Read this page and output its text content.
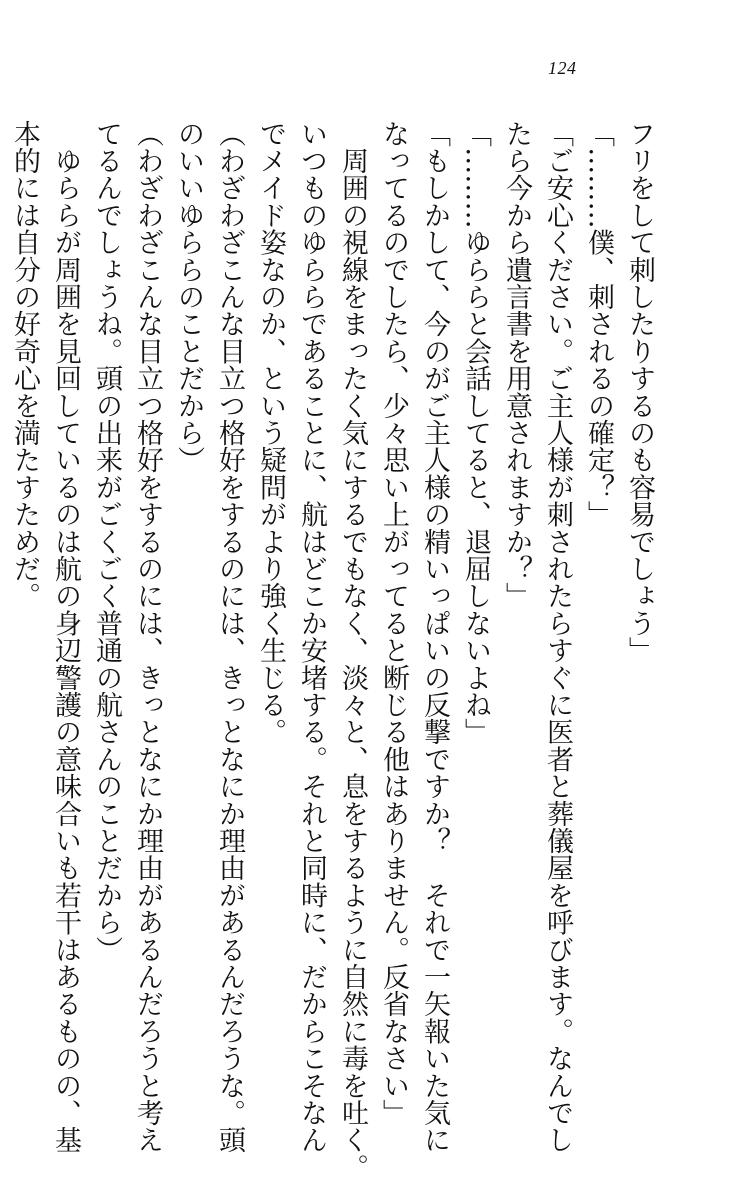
124

フリをして刺したりするのも容易でしょう」

「………僕、刺されるの確定？」

「ご安心ください。ご主人様が刺されたらすぐに医者と葬儀屋を呼びます。なんでし

たら今から遺言書を用意されますか？」

「………ゆららと会話してると、退屈しないよね」

「もしかして、今のがご主人様の精いっぱいの反撃ですか？　それで一矢報いた気に

なってるのでしたら、少々思い上がってると断じる他はありません。反省なさい」

　周囲の視線をまったく気にするでもなく、淡々と、息をするように自然に毒を吐く。

いつものゆららであることに、航はどこか安堵する。それと同時に、だからこそなん

でメイド姿なのか、という疑問がより強く生じる。

（わざわざこんな目立つ格好をするのには、きっとなにか理由があるんだろうな。頭

のいいゆららのことだから）

（わざわざこんな目立つ格好をするのには、きっとなにか理由があるんだろうと考え

てるんでしょうね。頭の出来がごくごく普通の航さんのことだから）

　ゆららが周囲を見回しているのは航の身辺警護の意味合いも若干はあるものの、基

本的には自分の好奇心を満たすためだ。
